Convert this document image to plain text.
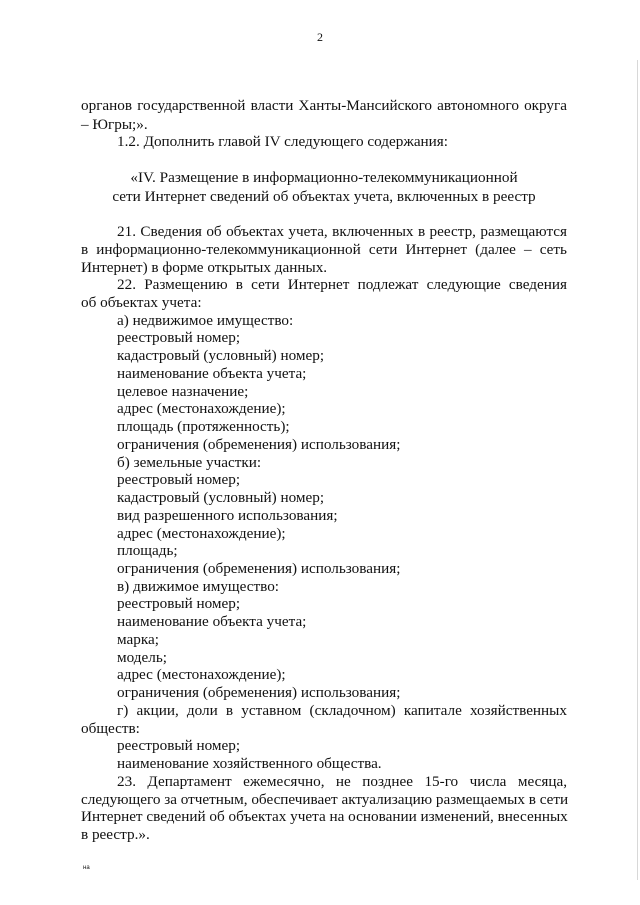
2
органов государственной власти Ханты-Мансийского автономного округа
– Югры;».
1.2. Дополнить главой IV следующего содержания:
«IV. Размещение в информационно-телекоммуникационной
сети Интернет сведений об объектах учета, включенных в реестр
21. Сведения об объектах учета, включенных в реестр, размещаются
в информационно-телекоммуникационной сети Интернет (далее – сеть
Интернет) в форме открытых данных.
22. Размещению в сети Интернет подлежат следующие сведения
об объектах учета:
а) недвижимое имущество:
реестровый номер;
кадастровый (условный) номер;
наименование объекта учета;
целевое назначение;
адрес (местонахождение);
площадь (протяженность);
ограничения (обременения) использования;
б) земельные участки:
реестровый номер;
кадастровый (условный) номер;
вид разрешенного использования;
адрес (местонахождение);
площадь;
ограничения (обременения) использования;
в) движимое имущество:
реестровый номер;
наименование объекта учета;
марка;
модель;
адрес (местонахождение);
ограничения (обременения) использования;
г) акции, доли в уставном (складочном) капитале хозяйственных
обществ:
реестровый номер;
наименование хозяйственного общества.
23. Департамент ежемесячно, не позднее 15-го числа месяца,
следующего за отчетным, обеспечивает актуализацию размещаемых в сети
Интернет сведений об объектах учета на основании изменений, внесенных
в реестр.».
на
